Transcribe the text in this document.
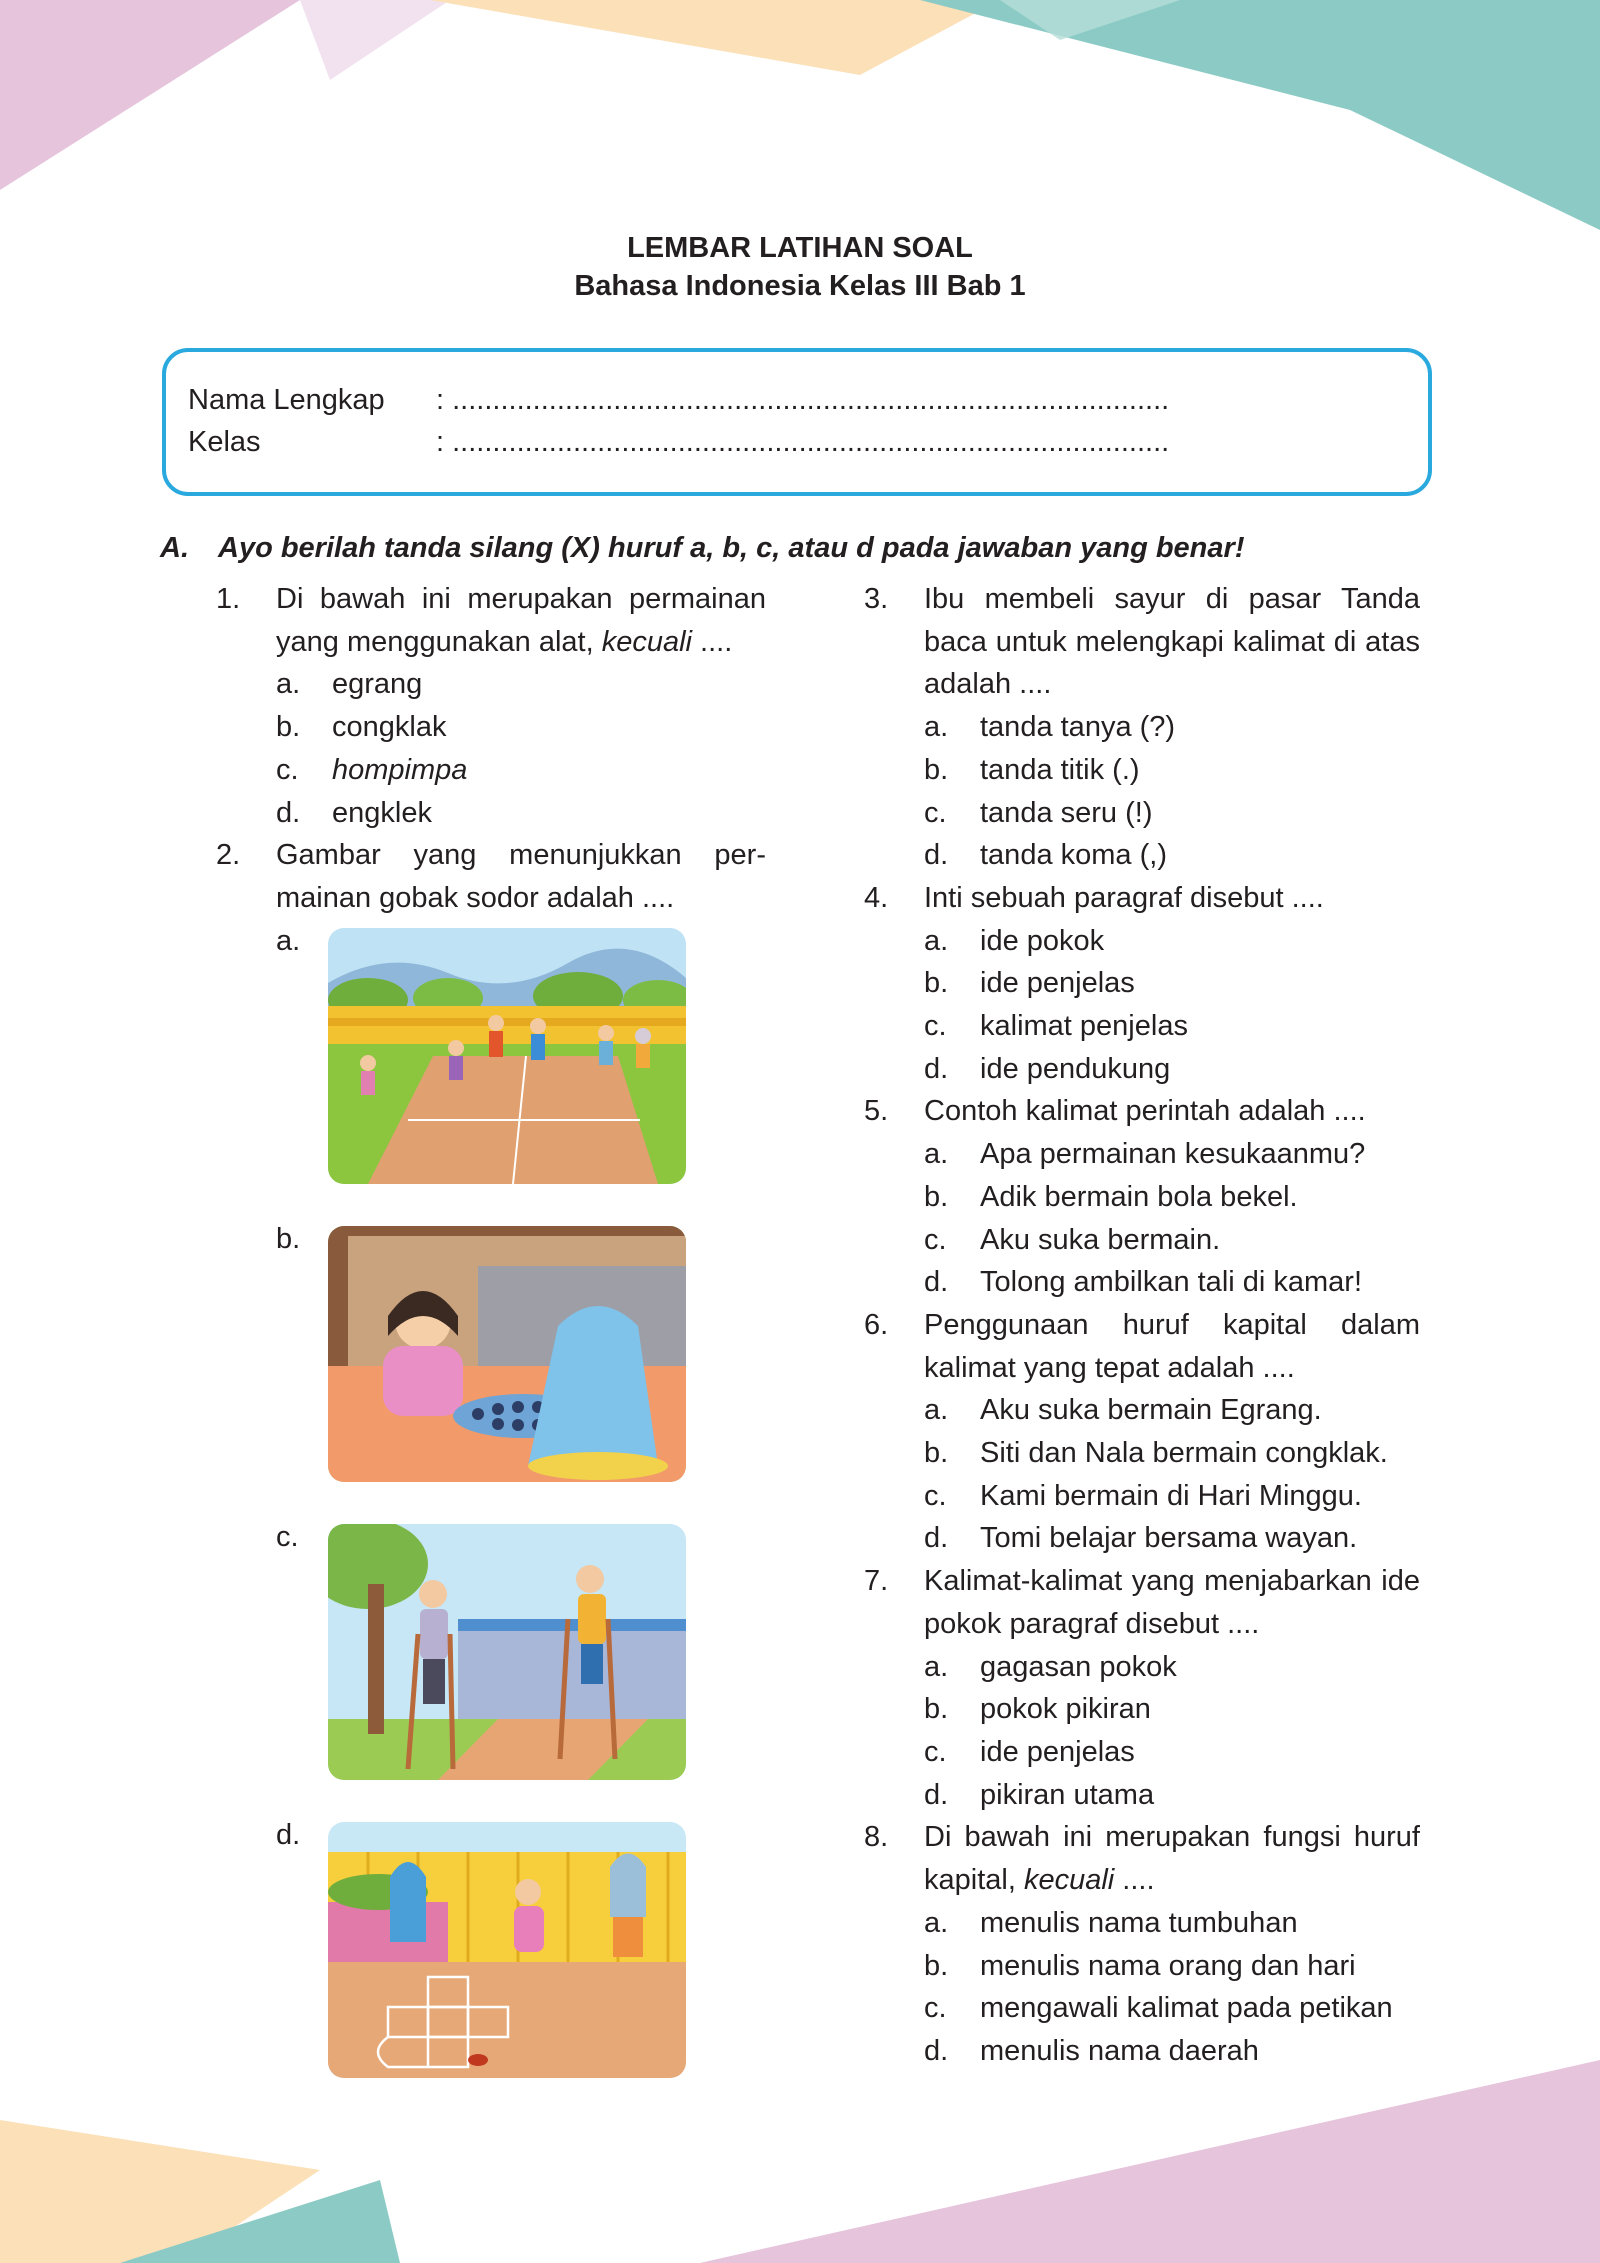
LEMBAR LATIHAN SOAL
Bahasa Indonesia Kelas III Bab 1
Nama Lengkap : .........................................................................................
Kelas	: .........................................................................................
A. Ayo berilah tanda silang (X) huruf a, b, c, atau d pada jawaban yang benar!
1.	Di bawah ini merupakan permainan yang menggunakan alat, kecuali ....
a.	egrang
b.	congklak
c.	hompimpa
d.	engklek
2.	Gambar yang menunjukkan per-mainan gobak sodor adalah ....
a.
b.
c.
d.
3.	Ibu membeli sayur di pasar Tanda baca untuk melengkapi kalimat di atas adalah ....
a.	tanda tanya (?)
b.	tanda titik (.)
c.	tanda seru (!)
d.	tanda koma (,)
4.	Inti sebuah paragraf disebut ....
a.	ide pokok
b.	ide penjelas
c.	kalimat penjelas
d.	ide pendukung
5.	Contoh kalimat perintah adalah ....
a.	Apa permainan kesukaanmu?
b.	Adik bermain bola bekel.
c.	Aku suka bermain.
d.	Tolong ambilkan tali di kamar!
6.	Penggunaan huruf kapital dalam kalimat yang tepat adalah ....
a.	Aku suka bermain Egrang.
b.	Siti dan Nala bermain congklak.
c.	Kami bermain di Hari Minggu.
d.	Tomi belajar bersama wayan.
7.	Kalimat-kalimat yang menjabarkan ide pokok paragraf disebut ....
a.	gagasan pokok
b.	pokok pikiran
c.	ide penjelas
d.	pikiran utama
8.	Di bawah ini merupakan fungsi huruf kapital, kecuali ....
a.	menulis nama tumbuhan
b.	menulis nama orang dan hari
c.	mengawali kalimat pada petikan
d.	menulis nama daerah
